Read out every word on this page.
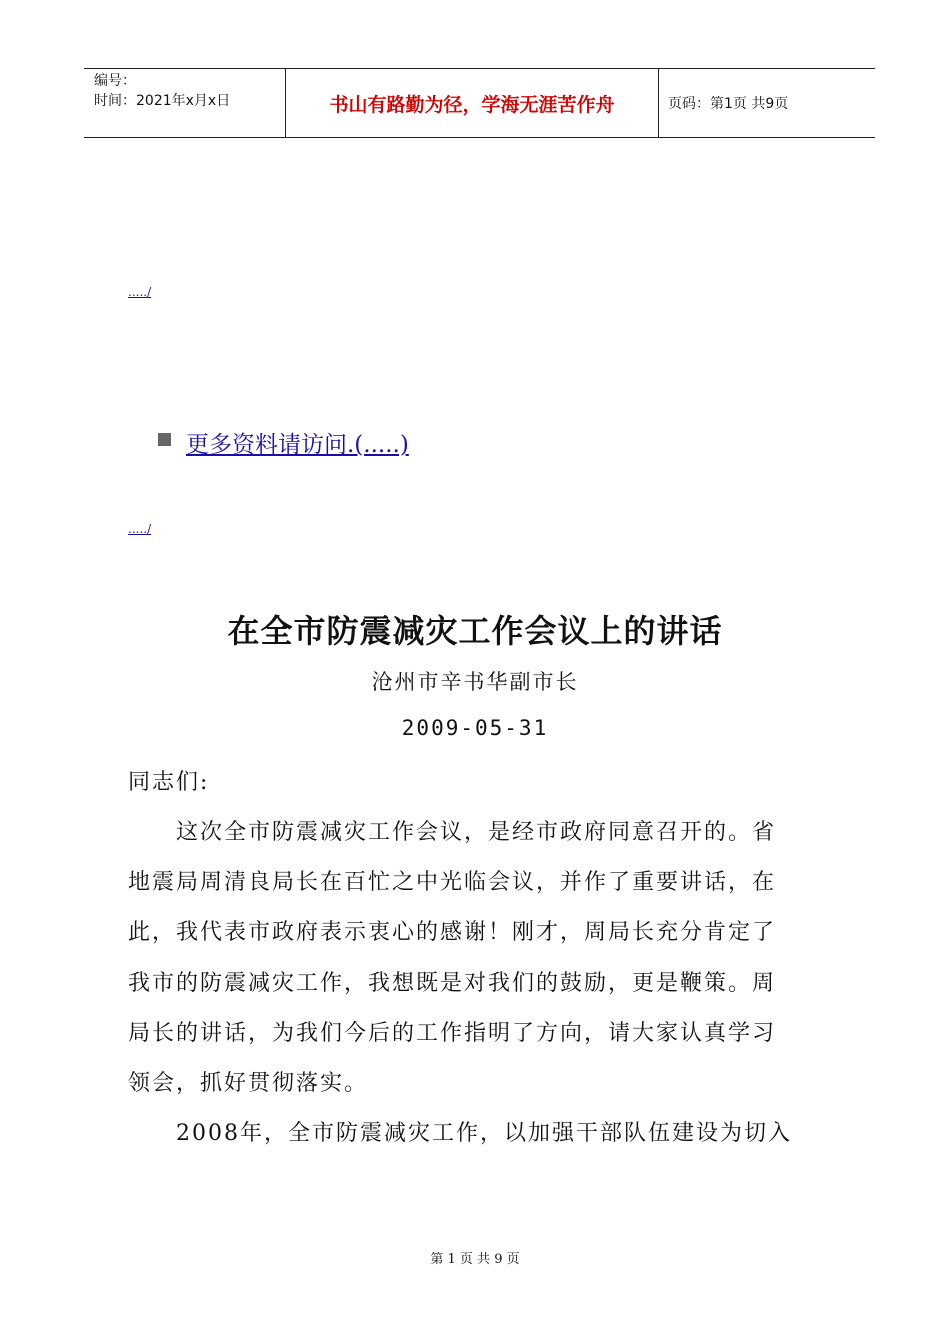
编号：
时间：2021年x月x日	书山有路勤为径，学海无涯苦作舟	页码：第1页 共9页
...../
更多资料请访问.(.....)
...../
在全市防震减灾工作会议上的讲话
沧州市辛书华副市长
2009-05-31
同志们:
这次全市防震减灾工作会议，是经市政府同意召开的。省
地震局周清良局长在百忙之中光临会议，并作了重要讲话，在
此，我代表市政府表示衷心的感谢！刚才，周局长充分肯定了
我市的防震减灾工作，我想既是对我们的鼓励，更是鞭策。周
局长的讲话，为我们今后的工作指明了方向，请大家认真学习
领会，抓好贯彻落实。
2008年，全市防震减灾工作，以加强干部队伍建设为切入
第 1 页 共 9 页
